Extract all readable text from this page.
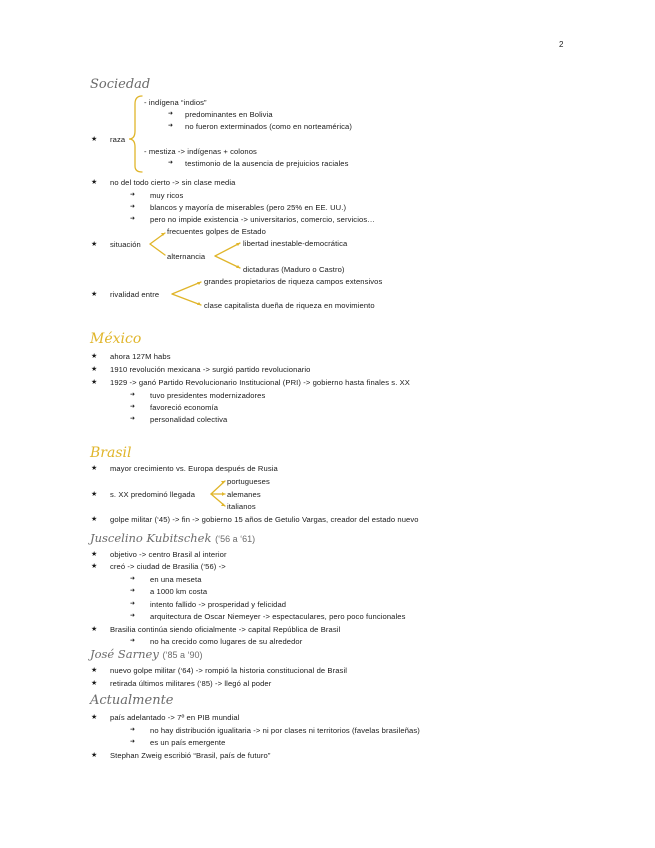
2
Sociedad
- indígena “indios”
➜ predominantes en Bolivia
➜ no fueron exterminados (como en norteamérica)
★ raza
- mestiza -> indígenas + colonos
➜ testimonio de la ausencia de prejuicios raciales
★ no del todo cierto -> sin clase media
➜ muy ricos
➜ blancos y mayoría de miserables (pero 25% en EE. UU.)
➜ pero no impide existencia -> universitarios, comercio, servicios…
frecuentes golpes de Estado
★ situación	libertad inestable-democrática
alternancia
dictaduras (Maduro o Castro)
grandes propietarios de riqueza campos extensivos
★ rivalidad entre
clase capitalista dueña de riqueza en movimiento
México
★ ahora 127M habs
★ 1910 revolución mexicana -> surgió partido revolucionario
★ 1929 -> ganó Partido Revolucionario Institucional (PRI) -> gobierno hasta finales s. XX
➜ tuvo presidentes modernizadores
➜ favoreció economía
➜ personalidad colectiva
Brasil
★ mayor crecimiento vs. Europa después de Rusia
portugueses
★ s. XX predominó llegada	alemanes
italianos
★ golpe militar (‘45) -> fin -> gobierno 15 años de Getulio Vargas, creador del estado nuevo
Juscelino Kubitschek (‘56 a ‘61)
★ objetivo -> centro Brasil al interior
★ creó -> ciudad de Brasilia (‘56) ->
➜ en una meseta
➜ a 1000 km costa
➜ intento fallido -> prosperidad y felicidad
➜ arquitectura de Oscar Niemeyer -> espectaculares, pero poco funcionales
★ Brasilia continúa siendo oficialmente -> capital República de Brasil
➜ no ha crecido como lugares de su alrededor
José Sarney (‘85 a ‘90)
★ nuevo golpe militar (‘64) -> rompió la historia constitucional de Brasil
★ retirada últimos militares (‘85) -> llegó al poder
Actualmente
★ país adelantado -> 7º en PIB mundial
➜ no hay distribución igualitaria -> ni por clases ni territorios (favelas brasileñas)
➜ es un país emergente
★ Stephan Zweig escribió “Brasil, país de futuro”
